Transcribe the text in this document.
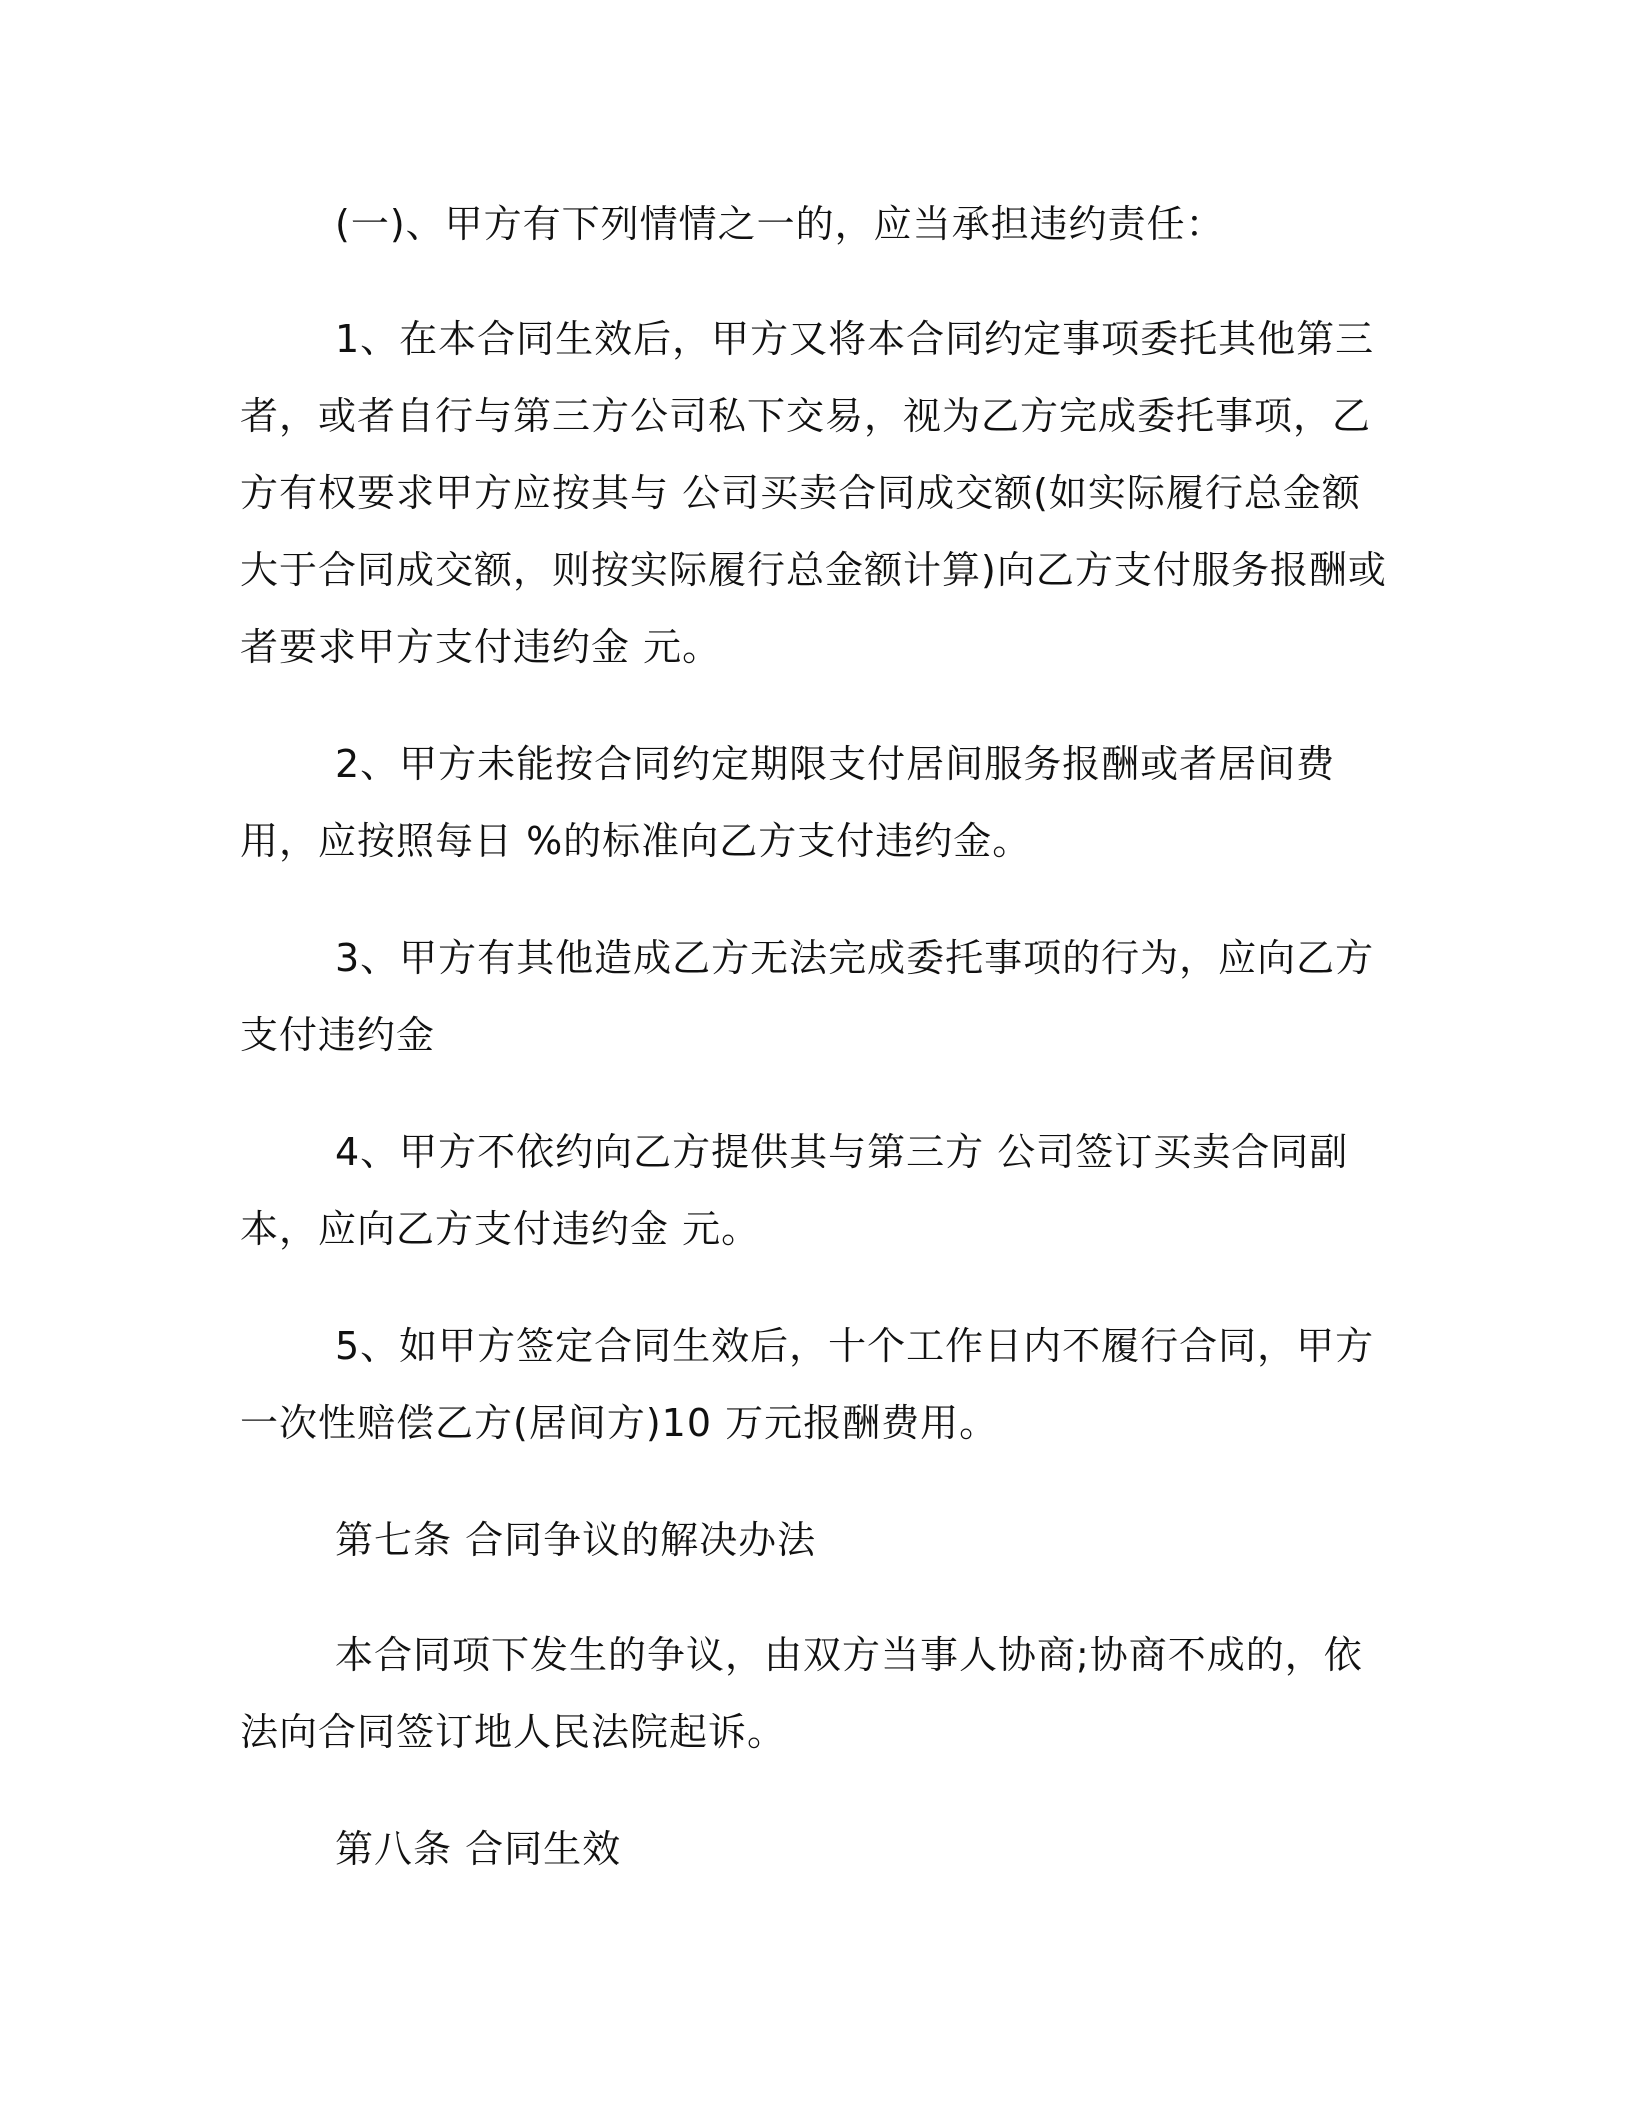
(一)、甲方有下列情情之一的，应当承担违约责任：

1、在本合同生效后，甲方又将本合同约定事项委托其他第三者，或者自行与第三方公司私下交易，视为乙方完成委托事项，乙方有权要求甲方应按其与 公司买卖合同成交额(如实际履行总金额大于合同成交额，则按实际履行总金额计算)向乙方支付服务报酬或者要求甲方支付违约金 元。

2、甲方未能按合同约定期限支付居间服务报酬或者居间费用，应按照每日 %的标准向乙方支付违约金。

3、甲方有其他造成乙方无法完成委托事项的行为，应向乙方支付违约金

4、甲方不依约向乙方提供其与第三方 公司签订买卖合同副本，应向乙方支付违约金 元。

5、如甲方签定合同生效后，十个工作日内不履行合同，甲方一次性赔偿乙方(居间方)10 万元报酬费用。

第七条 合同争议的解决办法

本合同项下发生的争议，由双方当事人协商;协商不成的，依法向合同签订地人民法院起诉。

第八条 合同生效
